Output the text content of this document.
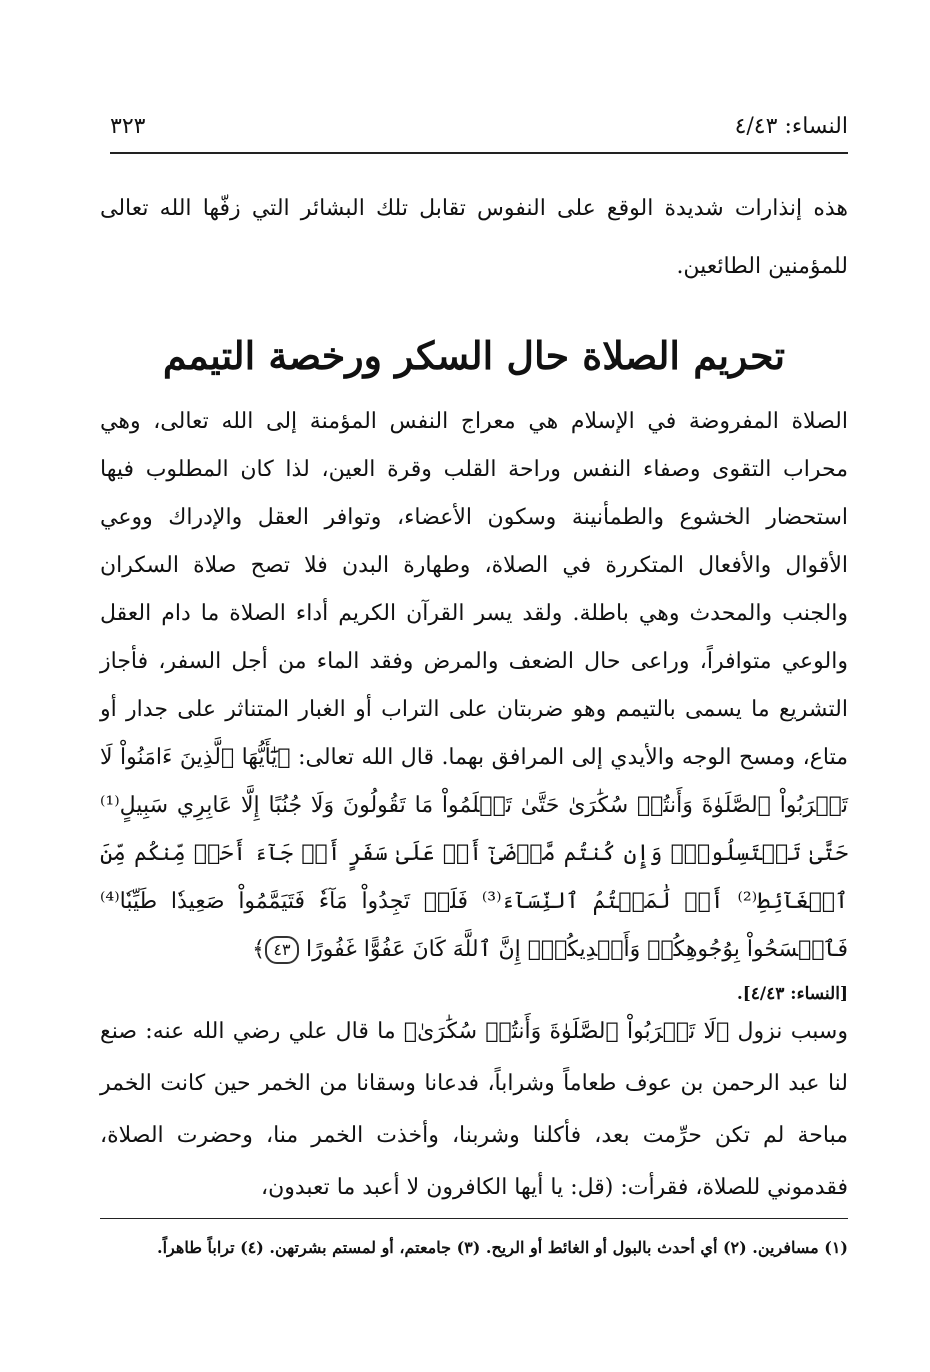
النساء: ٤/٤٣
٣٢٣

هذه إنذارات شديدة الوقع على النفوس تقابل تلك البشائر التي زفّها الله تعالى للمؤمنين الطائعين.

تحريم الصلاة حال السكر ورخصة التيمم
الصلاة المفروضة في الإسلام هي معراج النفس المؤمنة إلى الله تعالى، وهي محراب التقوى وصفاء النفس وراحة القلب وقرة العين، لذا كان المطلوب فيها استحضار الخشوع والطمأنينة وسكون الأعضاء، وتوافر العقل والإدراك ووعي الأقوال والأفعال المتكررة في الصلاة، وطهارة البدن فلا تصح صلاة السكران والجنب والمحدث وهي باطلة. ولقد يسر القرآن الكريم أداء الصلاة ما دام العقل والوعي متوافراً، وراعى حال الضعف والمرض وفقد الماء من أجل السفر، فأجاز التشريع ما يسمى بالتيمم وهو ضربتان على التراب أو الغبار المتناثر على جدار أو متاع، ومسح الوجه والأيدي إلى المرافق بهما. قال الله تعالى: ﴿يَٰٓأَيُّهَا ٱلَّذِينَ ءَامَنُواْ لَا تَقۡرَبُواْ ٱلصَّلَوٰةَ وَأَنتُمۡ سُكَٰرَىٰ حَتَّىٰ تَعۡلَمُواْ مَا تَقُولُونَ وَلَا جُنُبًا إِلَّا عَابِرِي سَبِيلٍ⁽¹⁾ حَتَّىٰ تَغۡتَسِلُواْۚ وَإِن كُنتُم مَّرۡضَىٰٓ أَوۡ عَلَىٰ سَفَرٍ أَوۡ جَآءَ أَحَدٞ مِّنكُم مِّنَ ٱلۡغَآئِطِ⁽²⁾ أَوۡ لَٰمَسۡتُمُ ٱلنِّسَآءَ⁽³⁾ فَلَمۡ تَجِدُواْ مَآءٗ فَتَيَمَّمُواْ صَعِيدٗا طَيِّبٗا⁽⁴⁾ فَٱمۡسَحُواْ بِوُجُوهِكُمۡ وَأَيۡدِيكُمۡۗ إِنَّ ٱللَّهَ كَانَ عَفُوًّا غَفُورًا ٤٣﴾
[النساء: ٤/٤٣].

وسبب نزول ﴿لَا تَقۡرَبُواْ ٱلصَّلَوٰةَ وَأَنتُمۡ سُكَٰرَىٰ﴾ ما قال علي رضي الله عنه: صنع لنا عبد الرحمن بن عوف طعاماً وشراباً، فدعانا وسقانا من الخمر حين كانت الخمر مباحة لم تكن حرِّمت بعد، فأكلنا وشربنا، وأخذت الخمر منا، وحضرت الصلاة، فقدموني للصلاة، فقرأت: (قل: يا أيها الكافرون لا أعبد ما تعبدون،

(١) مسافرين. (٢) أي أحدث بالبول أو الغائط أو الريح. (٣) جامعتم، أو لمستم بشرتهن. (٤) تراباً طاهراً.
